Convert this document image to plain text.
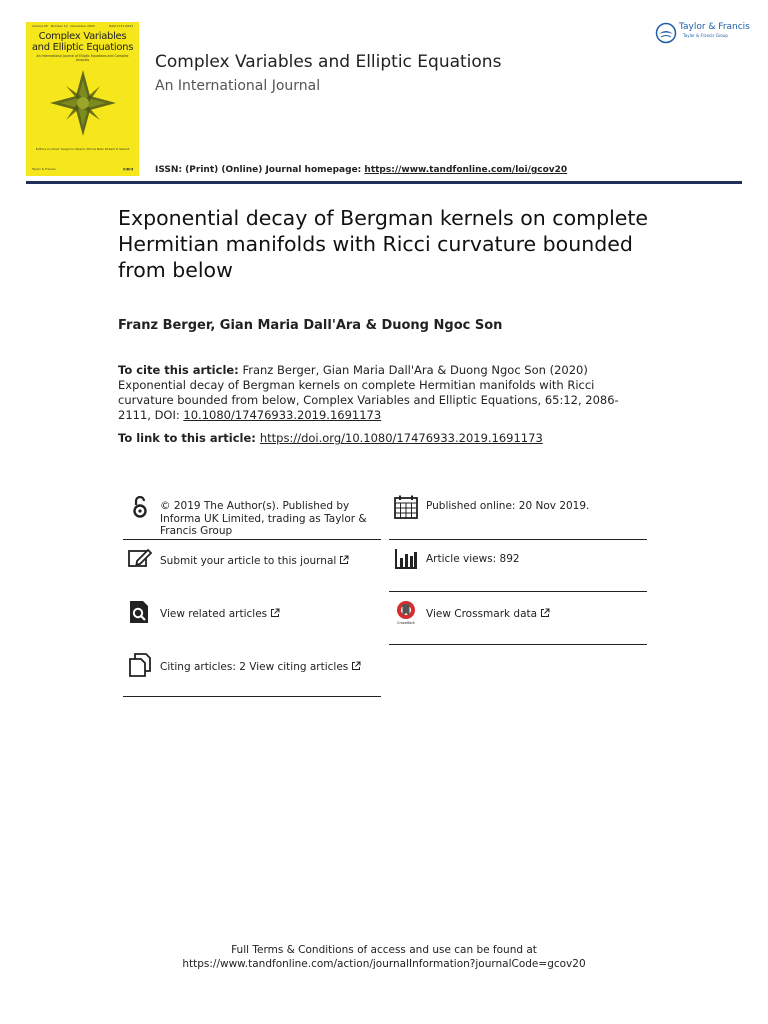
Volume 65 · Number 12 · December 2020	ISSN 1747-6933
Complex Variables
and Elliptic Equations
An International Journal of Elliptic Equations and Complex Analysis
Editors-in-Chief: Gregorio Alberto Sforza Neto Robert P. Gilbert
Taylor & Francis	▮▯▮▮▯▮
Complex Variables and Elliptic Equations
An International Journal
Taylor & Francis
Taylor & Francis Group
ISSN: (Print) (Online) Journal homepage: https://www.tandfonline.com/loi/gcov20
Exponential decay of Bergman kernels on complete Hermitian manifolds with Ricci curvature bounded from below
Franz Berger, Gian Maria Dall'Ara & Duong Ngoc Son
To cite this article: Franz Berger, Gian Maria Dall'Ara & Duong Ngoc Son (2020) Exponential decay of Bergman kernels on complete Hermitian manifolds with Ricci curvature bounded from below, Complex Variables and Elliptic Equations, 65:12, 2086-2111, DOI: 10.1080/17476933.2019.1691173
To link to this article: https://doi.org/10.1080/17476933.2019.1691173
© 2019 The Author(s). Published by Informa UK Limited, trading as Taylor & Francis Group
Submit your article to this journal
View related articles
Citing articles: 2 View citing articles
Published online: 20 Nov 2019.
Article views: 892
CrossMark
View Crossmark data
Full Terms & Conditions of access and use can be found at
https://www.tandfonline.com/action/journalInformation?journalCode=gcov20
